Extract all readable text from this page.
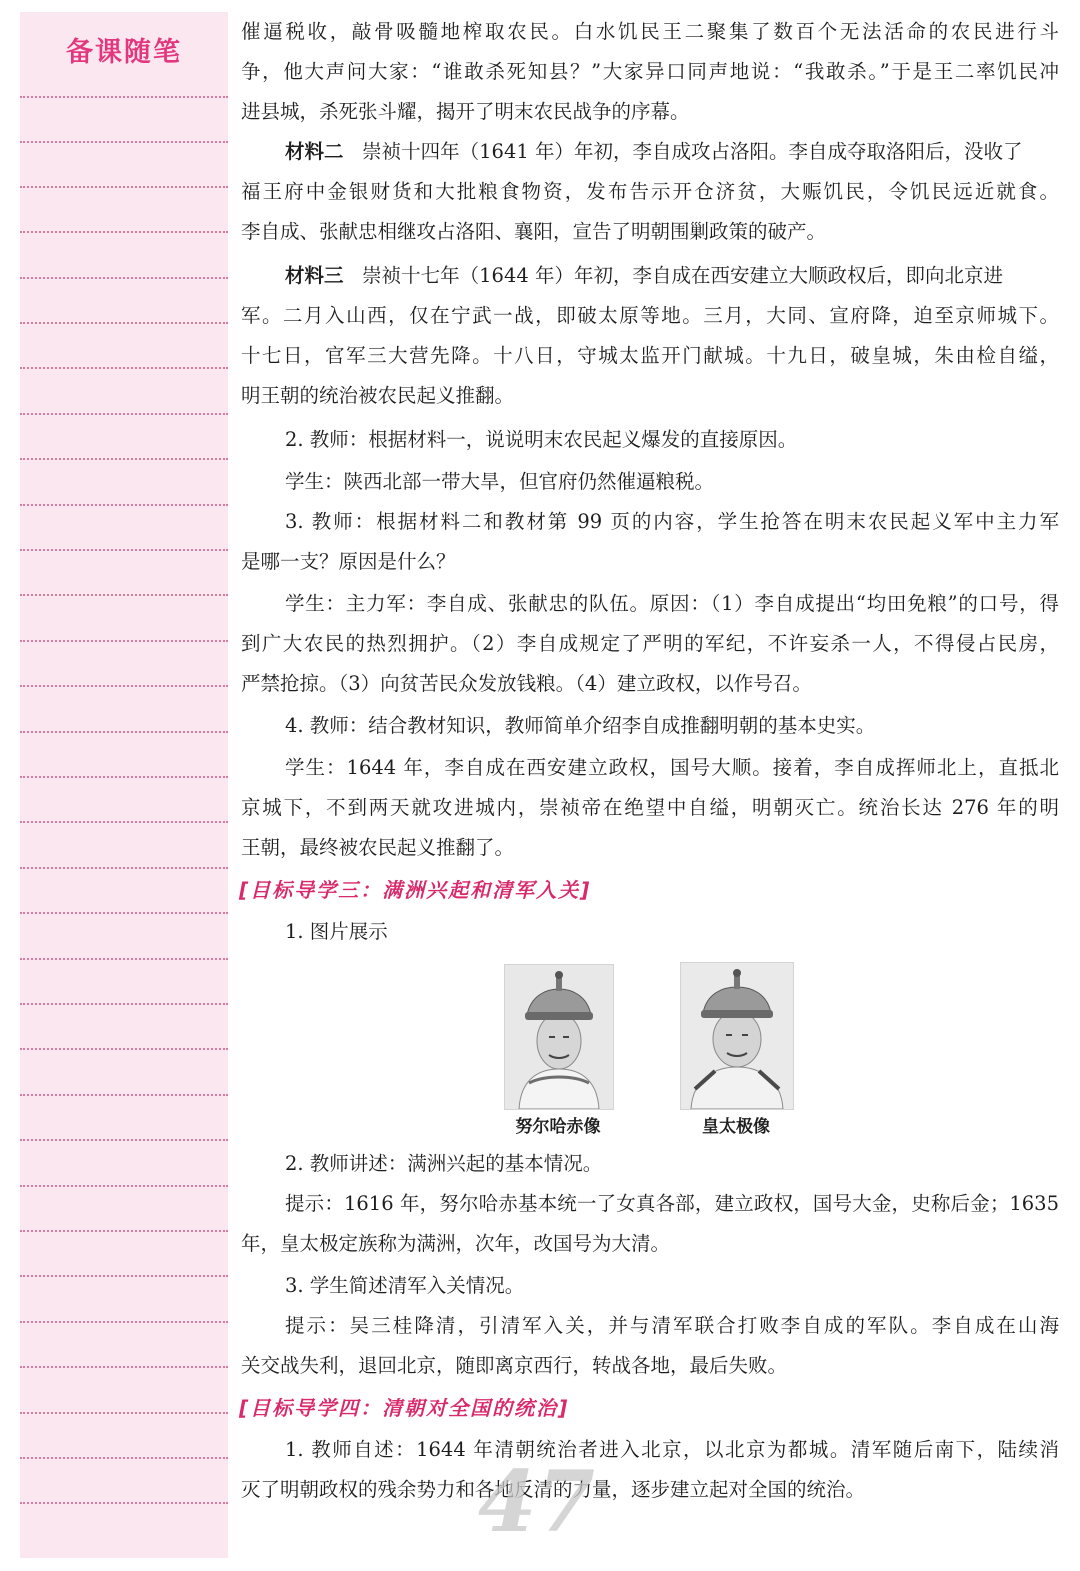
备课随笔
催逼税收，敲骨吸髓地榨取农民。白水饥民王二聚集了数百个无法活命的农民进行斗
争，他大声问大家：“谁敢杀死知县？”大家异口同声地说：“我敢杀。”于是王二率饥民冲
进县城，杀死张斗耀，揭开了明末农民战争的序幕。
材料二 崇祯十四年（1641 年）年初，李自成攻占洛阳。李自成夺取洛阳后，没收了
福王府中金银财货和大批粮食物资，发布告示开仓济贫，大赈饥民，令饥民远近就食。
李自成、张献忠相继攻占洛阳、襄阳，宣告了明朝围剿政策的破产。
材料三 崇祯十七年（1644 年）年初，李自成在西安建立大顺政权后，即向北京进
军。二月入山西，仅在宁武一战，即破太原等地。三月，大同、宣府降，迫至京师城下。
十七日，官军三大营先降。十八日，守城太监开门献城。十九日，破皇城，朱由检自缢，
明王朝的统治被农民起义推翻。
2. 教师：根据材料一，说说明末农民起义爆发的直接原因。
学生：陕西北部一带大旱，但官府仍然催逼粮税。
3. 教师：根据材料二和教材第 99 页的内容，学生抢答在明末农民起义军中主力军
是哪一支？原因是什么？
学生：主力军：李自成、张献忠的队伍。原因：（1）李自成提出“均田免粮”的口号，得
到广大农民的热烈拥护。（2）李自成规定了严明的军纪，不许妄杀一人，不得侵占民房，
严禁抢掠。（3）向贫苦民众发放钱粮。（4）建立政权，以作号召。
4. 教师：结合教材知识，教师简单介绍李自成推翻明朝的基本史实。
学生：1644 年，李自成在西安建立政权，国号大顺。接着，李自成挥师北上，直抵北
京城下，不到两天就攻进城内，崇祯帝在绝望中自缢，明朝灭亡。统治长达 276 年的明
王朝，最终被农民起义推翻了。
[目标导学三：满洲兴起和清军入关]
1. 图片展示
2. 教师讲述：满洲兴起的基本情况。
提示：1616 年，努尔哈赤基本统一了女真各部，建立政权，国号大金，史称后金；1635
年，皇太极定族称为满洲，次年，改国号为大清。
3. 学生简述清军入关情况。
提示：吴三桂降清，引清军入关，并与清军联合打败李自成的军队。李自成在山海
关交战失利，退回北京，随即离京西行，转战各地，最后失败。
[目标导学四：清朝对全国的统治]
1. 教师自述：1644 年清朝统治者进入北京，以北京为都城。清军随后南下，陆续消
灭了明朝政权的残余势力和各地反清的力量，逐步建立起对全国的统治。
努尔哈赤像	皇太极像
47
